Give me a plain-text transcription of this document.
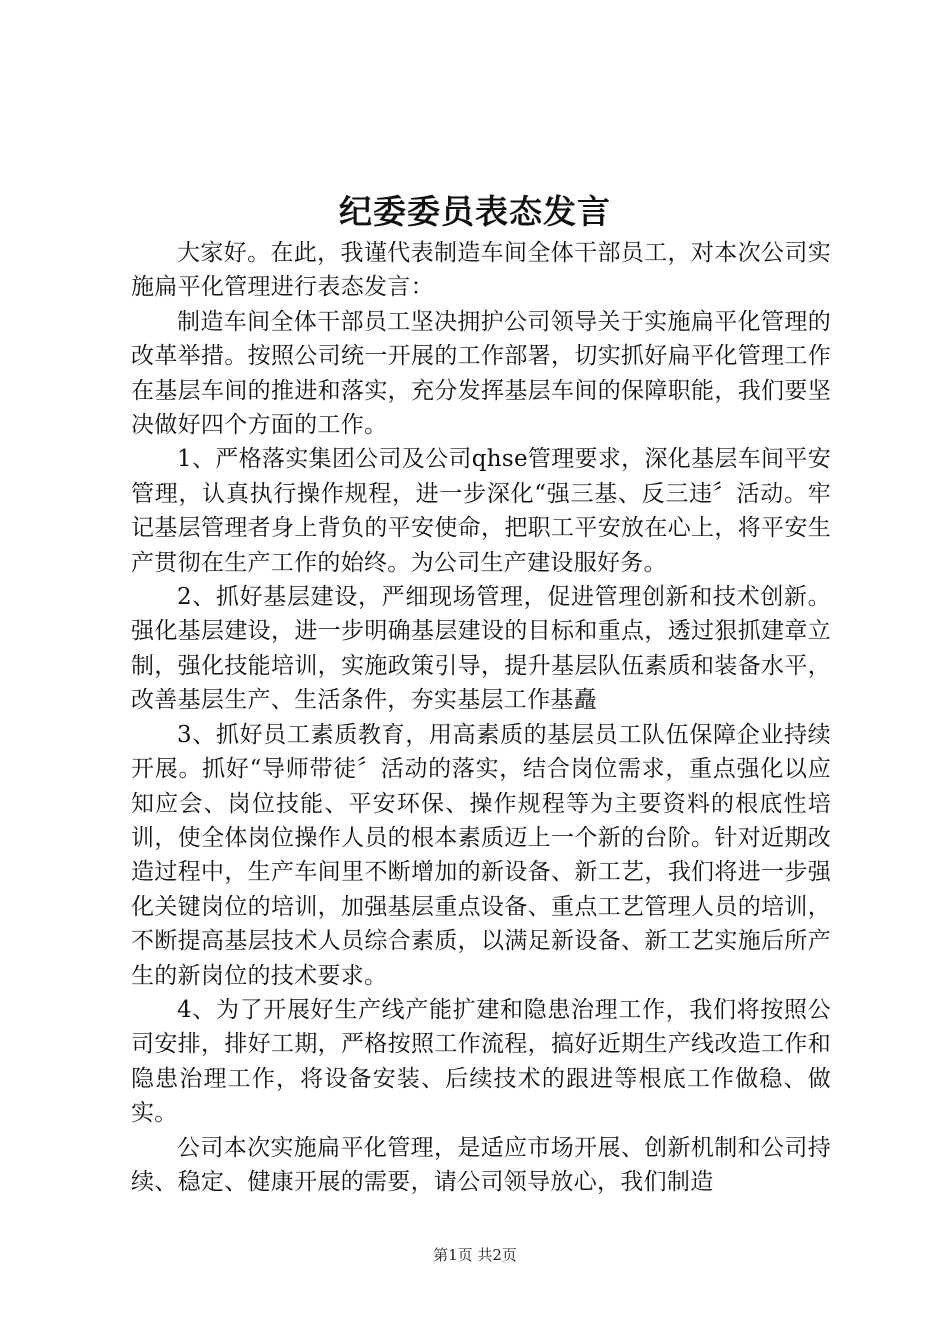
纪委委员表态发言

大家好。在此，我谨代表制造车间全体干部员工，对本次公司实施扁平化管理进行表态发言：

制造车间全体干部员工坚决拥护公司领导关于实施扁平化管理的改革举措。按照公司统一开展的工作部署，切实抓好扁平化管理工作在基层车间的推进和落实，充分发挥基层车间的保障职能，我们要坚决做好四个方面的工作。

1、严格落实集团公司及公司qhse管理要求，深化基层车间平安管理，认真执行操作规程，进一步深化“强三基、反三违〞活动。牢记基层管理者身上背负的平安使命，把职工平安放在心上，将平安生产贯彻在生产工作的始终。为公司生产建设服好务。

2、抓好基层建设，严细现场管理，促进管理创新和技术创新。强化基层建设，进一步明确基层建设的目标和重点，透过狠抓建章立制，强化技能培训，实施政策引导，提升基层队伍素质和装备水平，改善基层生产、生活条件，夯实基层工作基矗

3、抓好员工素质教育，用高素质的基层员工队伍保障企业持续开展。抓好“导师带徒〞活动的落实，结合岗位需求，重点强化以应知应会、岗位技能、平安环保、操作规程等为主要资料的根底性培训，使全体岗位操作人员的根本素质迈上一个新的台阶。针对近期改造过程中，生产车间里不断增加的新设备、新工艺，我们将进一步强化关键岗位的培训，加强基层重点设备、重点工艺管理人员的培训，不断提高基层技术人员综合素质，以满足新设备、新工艺实施后所产生的新岗位的技术要求。

4、为了开展好生产线产能扩建和隐患治理工作，我们将按照公司安排，排好工期，严格按照工作流程，搞好近期生产线改造工作和隐患治理工作，将设备安装、后续技术的跟进等根底工作做稳、做实。

公司本次实施扁平化管理，是适应市场开展、创新机制和公司持续、稳定、健康开展的需要，请公司领导放心，我们制造

第1页 共2页
